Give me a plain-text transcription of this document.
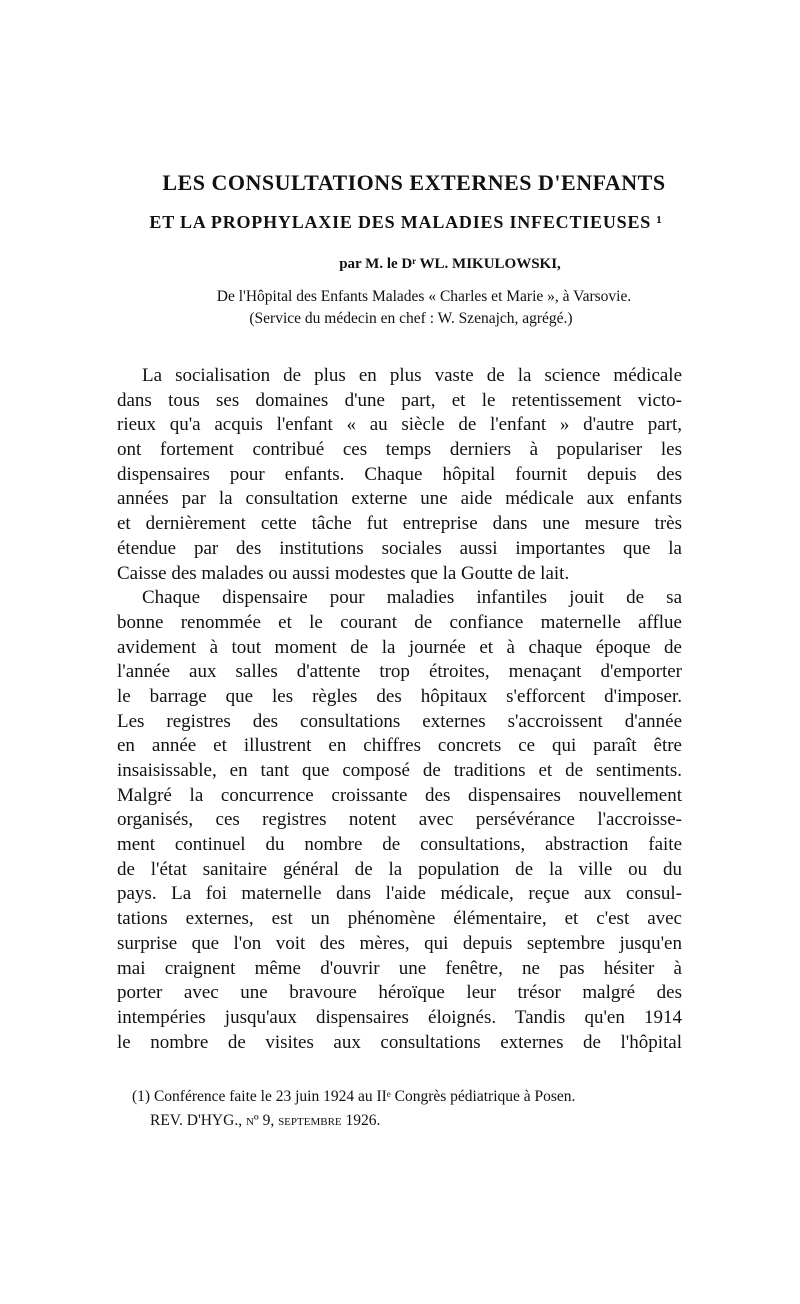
LES CONSULTATIONS EXTERNES D'ENFANTS
ET LA PROPHYLAXIE DES MALADIES INFECTIEUSES ¹
par M. le Dʳ WL. MIKULOWSKI,
De l'Hôpital des Enfants Malades « Charles et Marie », à Varsovie.
(Service du médecin en chef : W. Szenajch, agrégé.)
La socialisation de plus en plus vaste de la science médicale
dans tous ses domaines d'une part, et le retentissement victo-
rieux qu'a acquis l'enfant « au siècle de l'enfant » d'autre part,
ont fortement contribué ces temps derniers à populariser les
dispensaires pour enfants. Chaque hôpital fournit depuis des
années par la consultation externe une aide médicale aux enfants
et dernièrement cette tâche fut entreprise dans une mesure très
étendue par des institutions sociales aussi importantes que la
Caisse des malades ou aussi modestes que la Goutte de lait.
Chaque dispensaire pour maladies infantiles jouit de sa
bonne renommée et le courant de confiance maternelle afflue
avidement à tout moment de la journée et à chaque époque de
l'année aux salles d'attente trop étroites, menaçant d'emporter
le barrage que les règles des hôpitaux s'efforcent d'imposer.
Les registres des consultations externes s'accroissent d'année
en année et illustrent en chiffres concrets ce qui paraît être
insaisissable, en tant que composé de traditions et de sentiments.
Malgré la concurrence croissante des dispensaires nouvellement
organisés, ces registres notent avec persévérance l'accroisse-
ment continuel du nombre de consultations, abstraction faite
de l'état sanitaire général de la population de la ville ou du
pays. La foi maternelle dans l'aide médicale, reçue aux consul-
tations externes, est un phénomène élémentaire, et c'est avec
surprise que l'on voit des mères, qui depuis septembre jusqu'en
mai craignent même d'ouvrir une fenêtre, ne pas hésiter à
porter avec une bravoure héroïque leur trésor malgré des
intempéries jusqu'aux dispensaires éloignés. Tandis qu'en 1914
le nombre de visites aux consultations externes de l'hôpital
(1) Conférence faite le 23 juin 1924 au IIᵉ Congrès pédiatrique à Posen.
REV. D'HYG., nº 9, septembre 1926.
